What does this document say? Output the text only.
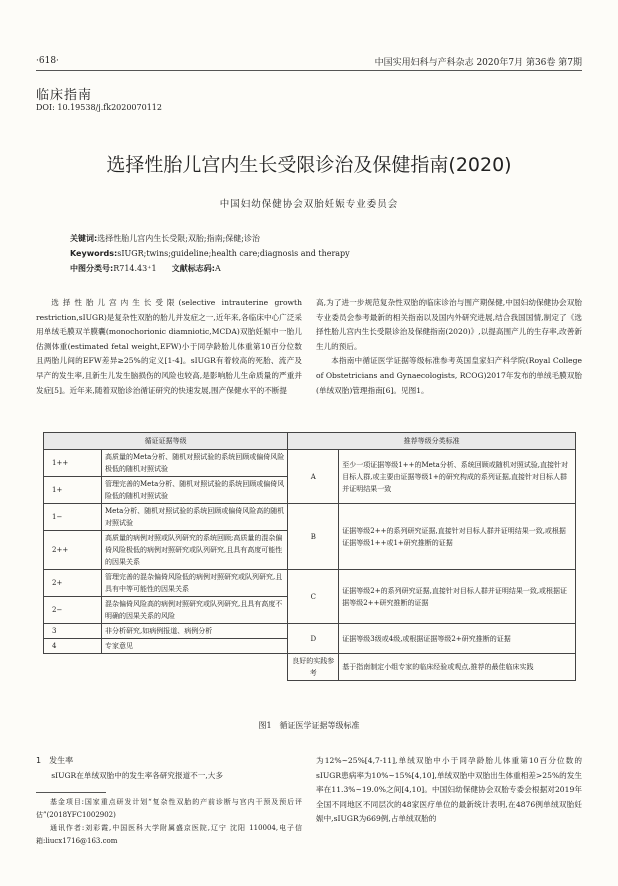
·618·	中国实用妇科与产科杂志 2020年7月 第36卷 第7期
临床指南
DOI: 10.19538/j.fk2020070112
选择性胎儿宫内生长受限诊治及保健指南(2020)
中国妇幼保健协会双胎妊娠专业委员会
关键词:选择性胎儿宫内生长受限;双胎;指南;保健;诊治
Keywords:sIUGR;twins;guideline;health care;diagnosis and therapy
中图分类号:R714.43⁺1 文献标志码:A

选择性胎儿宫内生长受限(selective intrauterine growth restriction,sIUGR)是复杂性双胎的胎儿并发症之一,近年来,各临床中心广泛采用单绒毛膜双羊膜囊(monochorionic diamniotic,MCDA)双胎妊娠中一胎儿估测体重(estimated fetal weight,EFW)小于同孕龄胎儿体重第10百分位数且两胎儿间的EFW差异≥25%的定义[1-4]。sIUGR有着较高的死胎、流产及早产的发生率,且新生儿发生脑损伤的风险也较高,是影响胎儿生命质量的严重并发症[5]。近年来,随着双胎诊治循证研究的快速发展,围产保健水平的不断提

高,为了进一步规范复杂性双胎的临床诊治与围产期保健,中国妇幼保健协会双胎专业委员会参考最新的相关指南以及国内外研究进展,结合我国国情,制定了《选择性胎儿宫内生长受限诊治及保健指南(2020)》,以提高围产儿的生存率,改善新生儿的预后。

本指南中循证医学证据等级标准参考英国皇家妇产科学院(Royal College of Obstetricians and Gynaecologists, RCOG)2017年发布的单绒毛膜双胎(单绒双胎)管理指南[6]。见图1。

循证证据等级		推荐等级分类标准	
1++	高质量的Meta分析、随机对照试验的系统回顾或偏倚风险极低的随机对照试验	A	至少一项证据等级1++的Meta分析、系统回顾或随机对照试验,直接针对目标人群,或主要由证据等级1+的研究构成的系列证据,直接针对目标人群并证明结果一致
1+	管理完善的Meta分析、随机对照试验的系统回顾或偏倚风险低的随机对照试验		
1−	Meta分析、随机对照试验的系统回顾或偏倚风险高的随机对照试验	B	证据等级2++的系列研究证据,直接针对目标人群并证明结果一致,或根据证据等级1++或1+研究推断的证据
2++	高质量的病例对照或队列研究的系统回顾;高质量的混杂偏倚风险极低的病例对照研究或队列研究,且具有高度可能性的因果关系		
2+	管理完善的混杂偏倚风险低的病例对照研究或队列研究,且具有中等可能性的因果关系	C	证据等级2+的系列研究证据,直接针对目标人群并证明结果一致,或根据证据等级2++研究推断的证据
2−	混杂偏倚风险高的病例对照研究或队列研究,且具有高度不明确的因果关系的风险		
3	非分析研究,如病例报道、病例分析	D	证据等级3级或4级,或根据证据等级2+研究推断的证据
4	专家意见		
		良好的实践参考	基于指南制定小组专家的临床经验或观点,推荐的最佳临床实践
图1　循证医学证据等级标准
1　发生率

sIUGR在单绒双胎中的发生率各研究报道不一,大多

基金项目:国家重点研发计划“复杂性双胎的产前诊断与宫内干预及预后评估”(2018YFC1002902)

通讯作者:刘彩霞,中国医科大学附属盛京医院,辽宁 沈阳 110004,电子信箱:liucx1716@163.com

为12%~25%[4,7-11],单绒双胎中小于同孕龄胎儿体重第10百分位数的sIUGR患病率为10%~15%[4,10],单绒双胎中双胎出生体重相差>25%的发生率在11.3%~19.0%之间[4,10]。中国妇幼保健协会双胎专委会根据对2019年全国不同地区不同层次的48家医疗单位的最新统计表明,在4876例单绒双胎妊娠中,sIUGR为669例,占单绒双胎的
